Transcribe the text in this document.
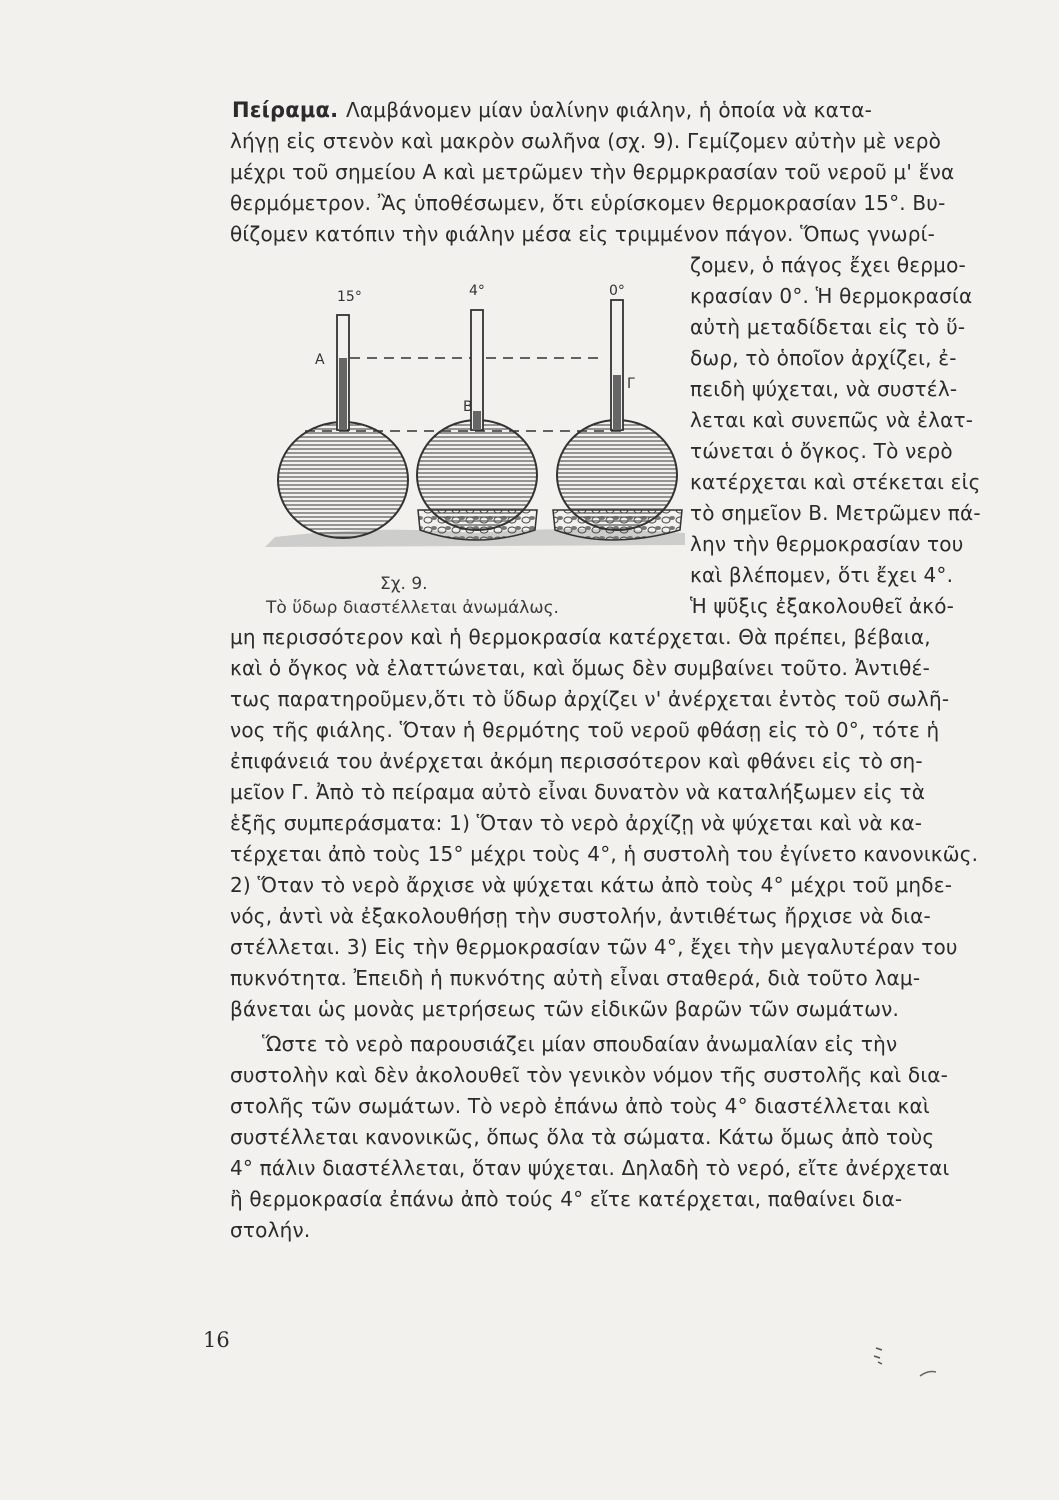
Πείραμα. Λαμβάνομεν μίαν ὑαλίνην φιάλην, ἡ ὁποία νὰ κατα-
λήγῃ εἰς στενὸν καὶ μακρὸν σωλῆνα (σχ. 9). Γεμίζομεν αὐτὴν μὲ νερὸ
μέχρι τοῦ σημείου Α καὶ μετρῶμεν τὴν θερμρκρασίαν τοῦ νεροῦ μ' ἕνα
θερμόμετρον. Ἂς ὑποθέσωμεν, ὅτι εὑρίσκομεν θερμοκρασίαν 15°. Βυ-
θίζομεν κατόπιν τὴν φιάλην μέσα εἰς τριμμένον πάγον. Ὅπως γνωρί-
ζομεν, ὁ πάγος ἔχει θερμο-
κρασίαν 0°. Ἡ θερμοκρασία
αὐτὴ μεταδίδεται εἰς τὸ ὕ-
δωρ, τὸ ὁποῖον ἀρχίζει, ἐ-
πειδὴ ψύχεται, νὰ συστέλ-
λεται καὶ συνεπῶς νὰ ἐλατ-
τώνεται ὁ ὄγκος. Τὸ νερὸ
κατέρχεται καὶ στέκεται εἰς
τὸ σημεῖον Β. Μετρῶμεν πά-
λην τὴν θερμοκρασίαν του
καὶ βλέπομεν, ὅτι ἔχει 4°.
Ἡ ψῦξις ἐξακολουθεῖ ἀκό-
μη περισσότερον καὶ ἡ θερμοκρασία κατέρχεται. Θὰ πρέπει, βέβαια,
καὶ ὁ ὄγκος νὰ ἐλαττώνεται, καὶ ὅμως δὲν συμβαίνει τοῦτο. Ἀντιθέ-
τως παρατηροῦμεν,ὅτι τὸ ὕδωρ ἀρχίζει ν' ἀνέρχεται ἐντὸς τοῦ σωλῆ-
νος τῆς φιάλης. Ὅταν ἡ θερμότης τοῦ νεροῦ φθάσῃ εἰς τὸ 0°, τότε ἡ
ἐπιφάνειά του ἀνέρχεται ἀκόμη περισσότερον καὶ φθάνει εἰς τὸ ση-
μεῖον Γ. Ἀπὸ τὸ πείραμα αὐτὸ εἶναι δυνατὸν νὰ καταλήξωμεν εἰς τὰ
ἑξῆς συμπεράσματα: 1) Ὅταν τὸ νερὸ ἀρχίζῃ νὰ ψύχεται καὶ νὰ κα-
τέρχεται ἀπὸ τοὺς 15° μέχρι τοὺς 4°, ἡ συστολὴ του ἐγίνετο κανονικῶς.
2) Ὅταν τὸ νερὸ ἄρχισε νὰ ψύχεται κάτω ἀπὸ τοὺς 4° μέχρι τοῦ μηδε-
νός, ἀντὶ νὰ ἐξακολουθήσῃ τὴν συστολήν, ἀντιθέτως ἤρχισε νὰ δια-
στέλλεται. 3) Εἰς τὴν θερμοκρασίαν τῶν 4°, ἔχει τὴν μεγαλυτέραν του
πυκνότητα. Ἐπειδὴ ἡ πυκνότης αὐτὴ εἶναι σταθερά, διὰ τοῦτο λαμ-
βάνεται ὡς μονὰς μετρήσεως τῶν εἰδικῶν βαρῶν τῶν σωμάτων.
Ὥστε τὸ νερὸ παρουσιάζει μίαν σπουδαίαν ἀνωμαλίαν εἰς τὴν
συστολὴν καὶ δὲν ἀκολουθεῖ τὸν γενικὸν νόμον τῆς συστολῆς καὶ δια-
στολῆς τῶν σωμάτων. Τὸ νερὸ ἐπάνω ἀπὸ τοὺς 4° διαστέλλεται καὶ
συστέλλεται κανονικῶς, ὅπως ὅλα τὰ σώματα. Κάτω ὅμως ἀπὸ τοὺς
4° πάλιν διαστέλλεται, ὅταν ψύχεται. Δηλαδὴ τὸ νερό, εἴτε ἀνέρχεται
ἢ θερμοκρασία ἐπάνω ἀπὸ τούς 4° εἴτε κατέρχεται, παθαίνει δια-
στολήν.
15°	4°	0°
A
B
Γ
Σχ. 9.
Τὸ ὕδωρ διαστέλλεται ἀνωμάλως.
16
